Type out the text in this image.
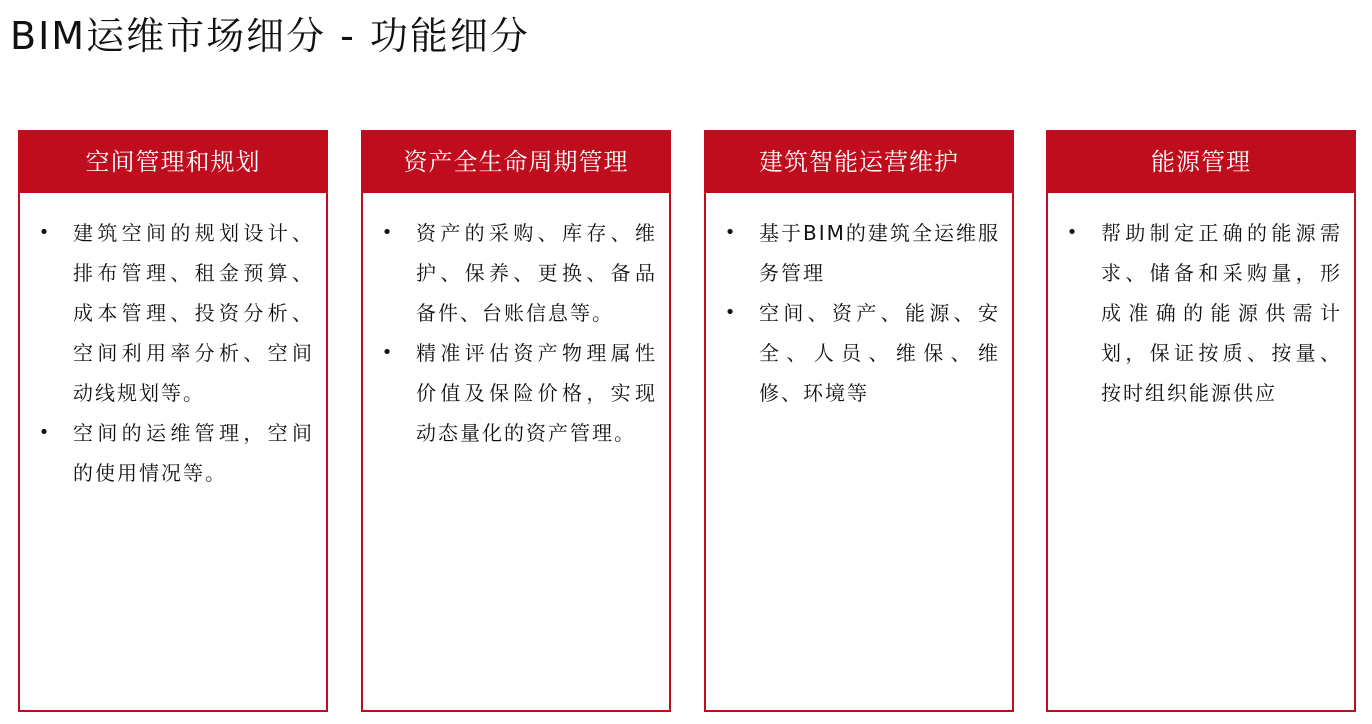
BIM运维市场细分 - 功能细分
空间管理和规划
• 建筑空间的规划设计、排布管理、租金预算、成本管理、投资分析、空间利用率分析、空间动线规划等。
• 空间的运维管理，空间的使用情况等。
资产全生命周期管理
• 资产的采购、库存、维护、保养、更换、备品备件、台账信息等。
• 精准评估资产物理属性价值及保险价格，实现动态量化的资产管理。
建筑智能运营维护
• 基于BIM的建筑全运维服务管理
• 空间、资产、能源、安全、人员、维保、维修、环境等
能源管理
• 帮助制定正确的能源需求、储备和采购量，形成准确的能源供需计划，保证按质、按量、按时组织能源供应
